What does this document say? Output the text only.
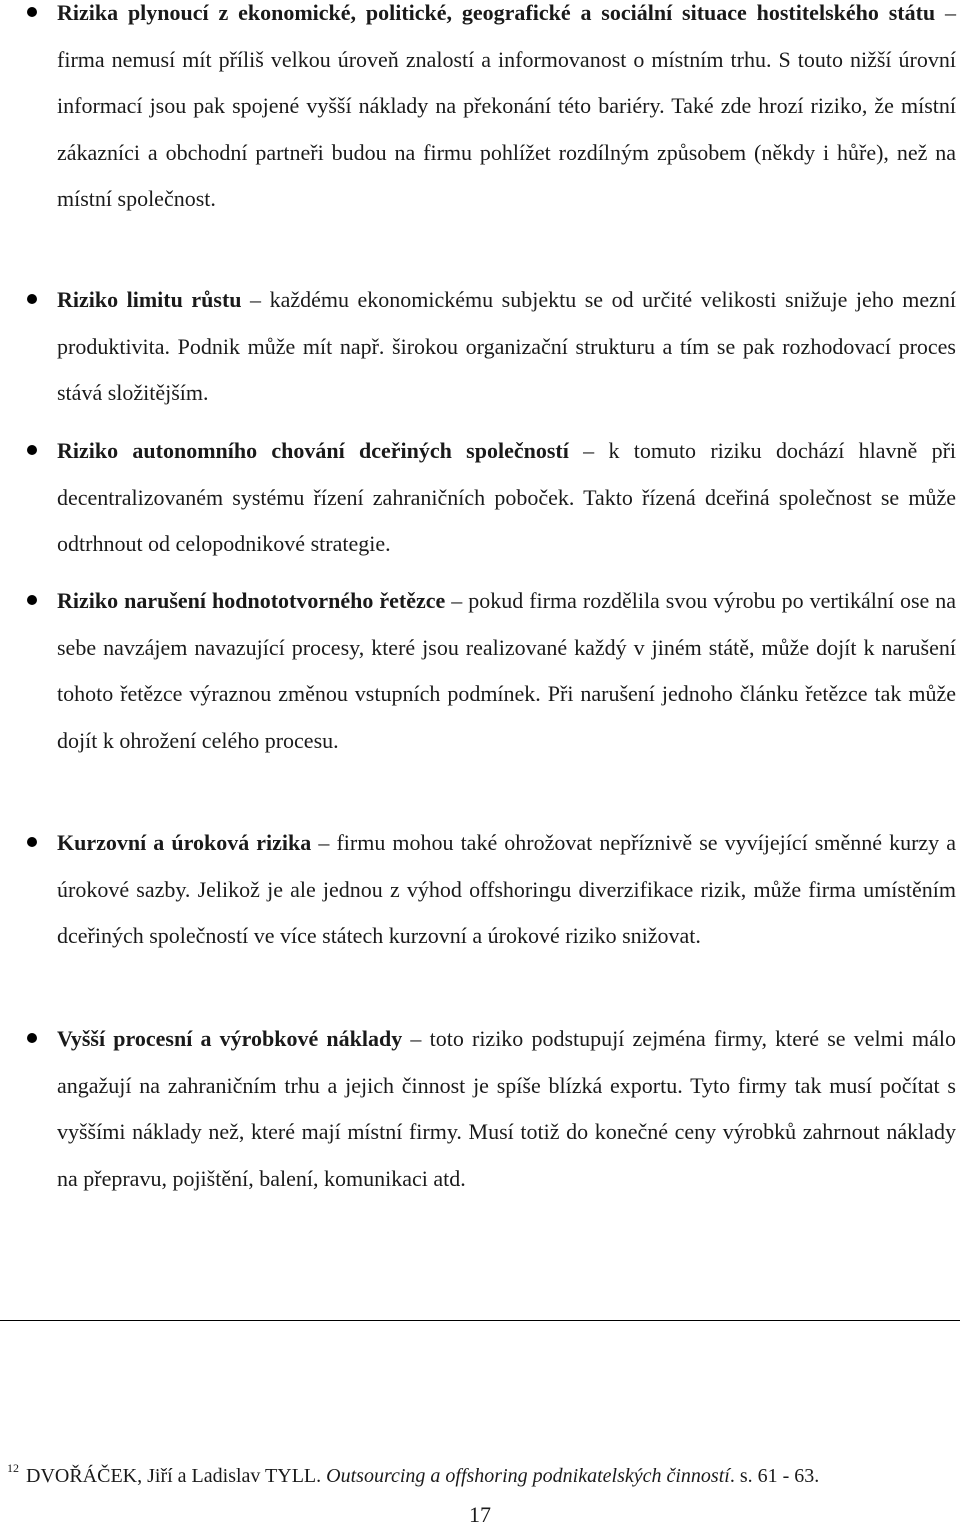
Rizika plynoucí z ekonomické, politické, geografické a sociální situace hostitelského státu – firma nemusí mít příliš velkou úroveň znalostí a informovanost o místním trhu. S touto nižší úrovní informací jsou pak spojené vyšší náklady na překonání této bariéry. Také zde hrozí riziko, že místní zákazníci a obchodní partneři budou na firmu pohlížet rozdílným způsobem (někdy i hůře), než na místní společnost.

Riziko limitu růstu – každému ekonomickému subjektu se od určité velikosti snižuje jeho mezní produktivita. Podnik může mít např. širokou organizační strukturu a tím se pak rozhodovací proces stává složitějším.

Riziko autonomního chování dceřiných společností – k tomuto riziku dochází hlavně při decentralizovaném systému řízení zahraničních poboček. Takto řízená dceřiná společnost se může odtrhnout od celopodnikové strategie.

Riziko narušení hodnototvorného řetězce – pokud firma rozdělila svou výrobu po vertikální ose na sebe navzájem navazující procesy, které jsou realizované každý v jiném státě, může dojít k narušení tohoto řetězce výraznou změnou vstupních podmínek. Při narušení jednoho článku řetězce tak může dojít k ohrožení celého procesu.

Kurzovní a úroková rizika – firmu mohou také ohrožovat nepříznivě se vyvíjející směnné kurzy a úrokové sazby. Jelikož je ale jednou z výhod offshoringu diverzifikace rizik, může firma umístěním dceřiných společností ve více státech kurzovní a úrokové riziko snižovat.

Vyšší procesní a výrobkové náklady – toto riziko podstupují zejména firmy, které se velmi málo angažují na zahraničním trhu a jejich činnost je spíše blízká exportu. Tyto firmy tak musí počítat s vyššími náklady než, které mají místní firmy. Musí totiž do konečné ceny výrobků zahrnout náklady na přepravu, pojištění, balení, komunikaci atd.

$^{12}$ DVOŘÁČEK, Jiří a Ladislav TYLL. Outsourcing a offshoring podnikatelských činností. s. 61 - 63.
17
